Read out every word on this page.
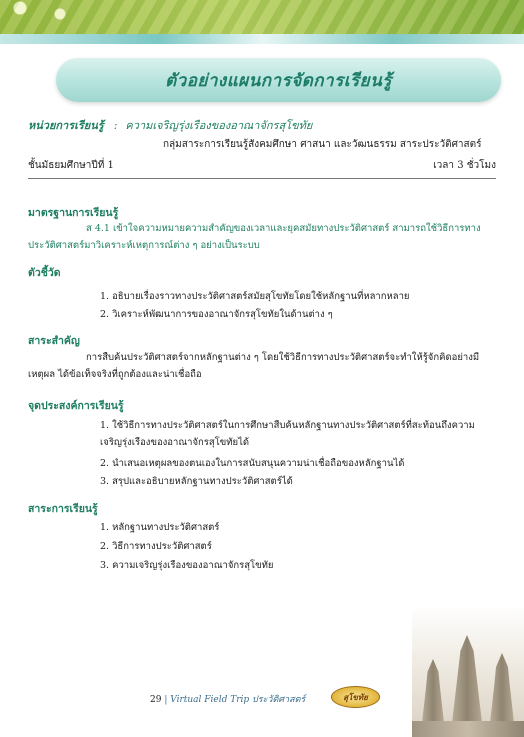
ตัวอย่างแผนการจัดการเรียนรู้
หน่วยการเรียนรู้ : ความเจริญรุ่งเรืองของอาณาจักรสุโขทัย
กลุ่มสาระการเรียนรู้สังคมศึกษา ศาสนา และวัฒนธรรม สาระประวัติศาสตร์
ชั้นมัธยมศึกษาปีที่ 1	เวลา 3 ชั่วโมง
มาตรฐานการเรียนรู้
ส 4.1 เข้าใจความหมายความสำคัญของเวลาและยุคสมัยทางประวัติศาสตร์ สามารถใช้วิธีการทางประวัติศาสตร์มาวิเคราะห์เหตุการณ์ต่าง ๆ อย่างเป็นระบบ
ตัวชี้วัด
1. อธิบายเรื่องราวทางประวัติศาสตร์สมัยสุโขทัยโดยใช้หลักฐานที่หลากหลาย
2. วิเคราะห์พัฒนาการของอาณาจักรสุโขทัยในด้านต่าง ๆ
สาระสำคัญ
การสืบค้นประวัติศาสตร์จากหลักฐานต่าง ๆ โดยใช้วิธีการทางประวัติศาสตร์จะทำให้รู้จักคิดอย่างมีเหตุผล ได้ข้อเท็จจริงที่ถูกต้องและน่าเชื่อถือ
จุดประสงค์การเรียนรู้
1. ใช้วิธีการทางประวัติศาสตร์ในการศึกษาสืบค้นหลักฐานทางประวัติศาสตร์ที่สะท้อนถึงความเจริญรุ่งเรืองของอาณาจักรสุโขทัยได้
2. นำเสนอเหตุผลของตนเองในการสนับสนุนความน่าเชื่อถือของหลักฐานได้
3. สรุปและอธิบายหลักฐานทางประวัติศาสตร์ได้
สาระการเรียนรู้
1. หลักฐานทางประวัติศาสตร์
2. วิธีการทางประวัติศาสตร์
3. ความเจริญรุ่งเรืองของอาณาจักรสุโขทัย
29 | Virtual Field Trip ประวัติศาสตร์	สุโขทัย
